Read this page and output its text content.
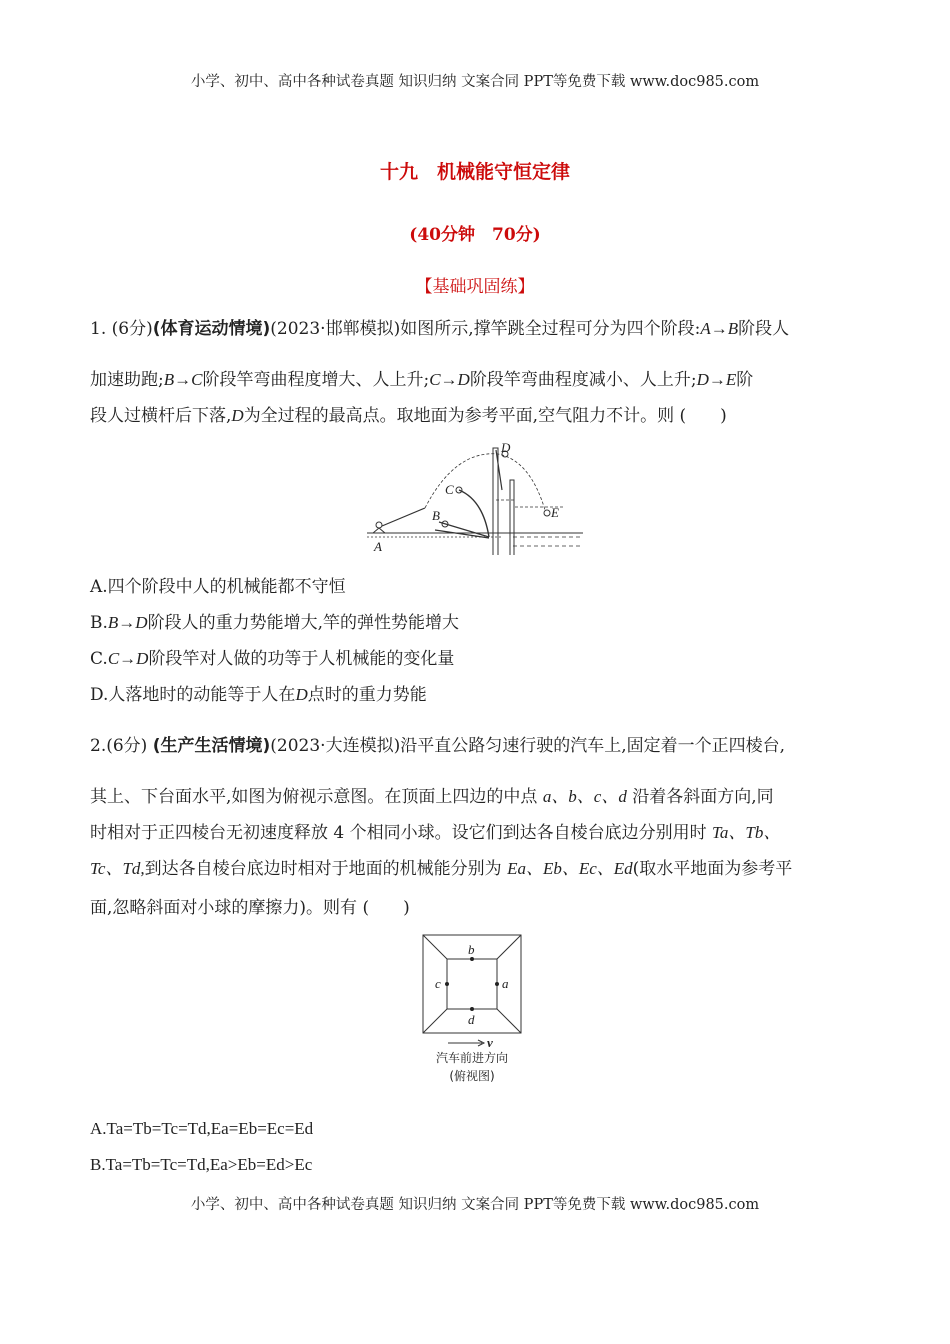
小学、初中、高中各种试卷真题 知识归纳 文案合同 PPT等免费下载 www.doc985.com
十九　机械能守恒定律
(40分钟　70分)
【基础巩固练】
1. (6分)(体育运动情境)(2023·邯郸模拟)如图所示,撑竿跳全过程可分为四个阶段:A→B阶段人
加速助跑;B→C阶段竿弯曲程度增大、人上升;C→D阶段竿弯曲程度减小、人上升;D→E阶
段人过横杆后下落,D为全过程的最高点。取地面为参考平面,空气阻力不计。则 (　　)
A
B
C
D
E
A.四个阶段中人的机械能都不守恒
B.B→D阶段人的重力势能增大,竿的弹性势能增大
C.C→D阶段竿对人做的功等于人机械能的变化量
D.人落地时的动能等于人在D点时的重力势能
2.(6分) (生产生活情境)(2023·大连模拟)沿平直公路匀速行驶的汽车上,固定着一个正四棱台,
其上、下台面水平,如图为俯视示意图。在顶面上四边的中点 a、b、c、d 沿着各斜面方向,同
时相对于正四棱台无初速度释放 4 个相同小球。设它们到达各自棱台底边分别用时 Ta、Tb、
Tc、Td,到达各自棱台底边时相对于地面的机械能分别为 Ea、Eb、Ec、Ed(取水平地面为参考平
面,忽略斜面对小球的摩擦力)。则有 (　　)
b
a
c
d
v
汽车前进方向
(俯视图)
A.Ta=Tb=Tc=Td,Ea=Eb=Ec=Ed
B.Ta=Tb=Tc=Td,Ea>Eb=Ed>Ec
小学、初中、高中各种试卷真题 知识归纳 文案合同 PPT等免费下载 www.doc985.com
